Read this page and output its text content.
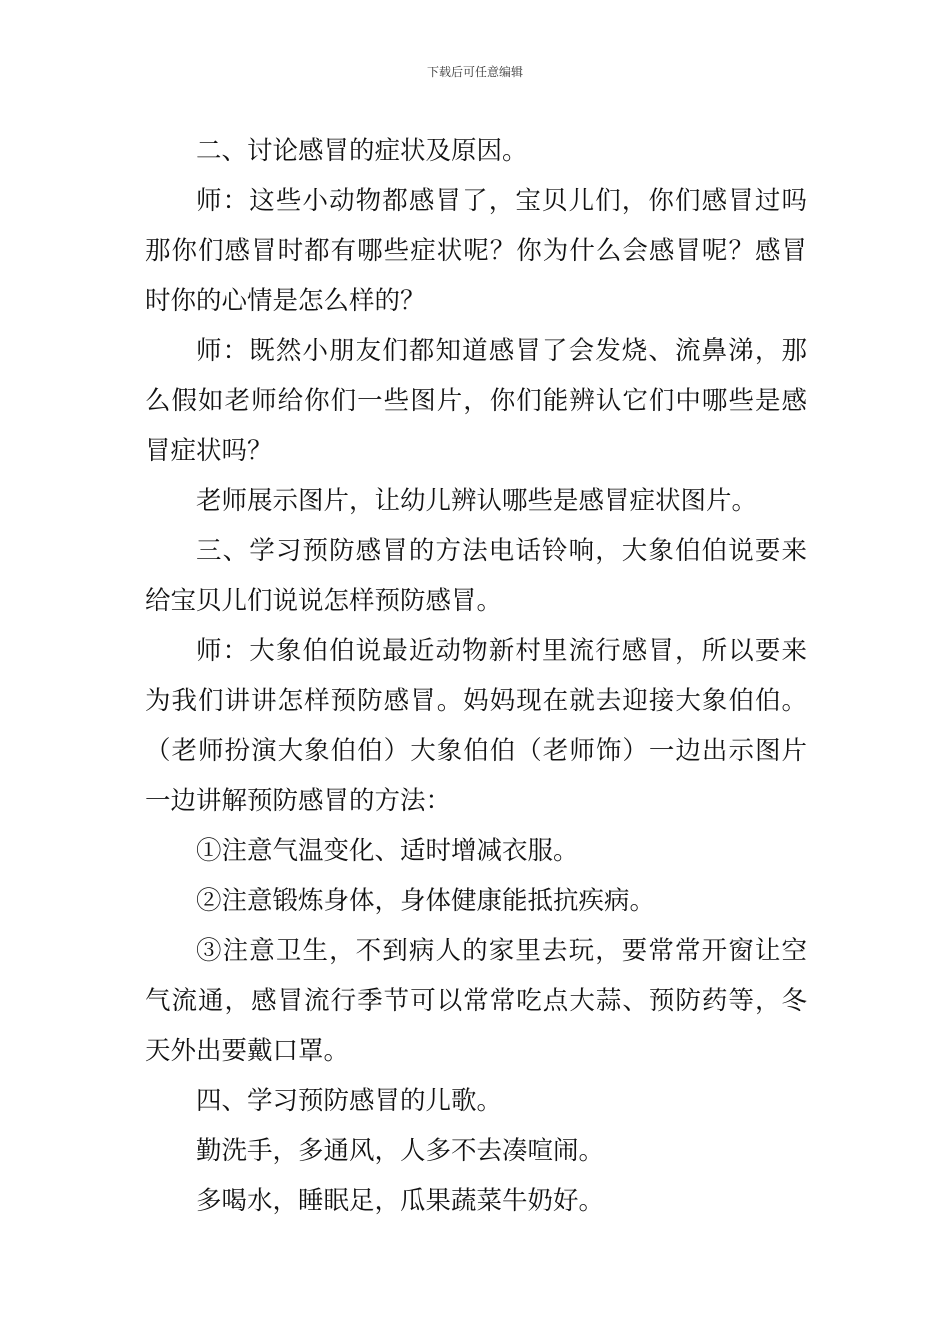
下载后可任意编辑

二、讨论感冒的症状及原因。

师：这些小动物都感冒了，宝贝儿们，你们感冒过吗那你们感冒时都有哪些症状呢？你为什么会感冒呢？感冒时你的心情是怎么样的？

师：既然小朋友们都知道感冒了会发烧、流鼻涕，那么假如老师给你们一些图片，你们能辨认它们中哪些是感冒症状吗？

老师展示图片，让幼儿辨认哪些是感冒症状图片。

三、学习预防感冒的方法电话铃响，大象伯伯说要来给宝贝儿们说说怎样预防感冒。

师：大象伯伯说最近动物新村里流行感冒，所以要来为我们讲讲怎样预防感冒。妈妈现在就去迎接大象伯伯。（老师扮演大象伯伯）大象伯伯（老师饰）一边出示图片一边讲解预防感冒的方法：

①注意气温变化、适时增减衣服。

②注意锻炼身体，身体健康能抵抗疾病。

③注意卫生，不到病人的家里去玩，要常常开窗让空气流通，感冒流行季节可以常常吃点大蒜、预防药等，冬天外出要戴口罩。

四、学习预防感冒的儿歌。

勤洗手，多通风，人多不去凑喧闹。

多喝水，睡眠足，瓜果蔬菜牛奶好。
